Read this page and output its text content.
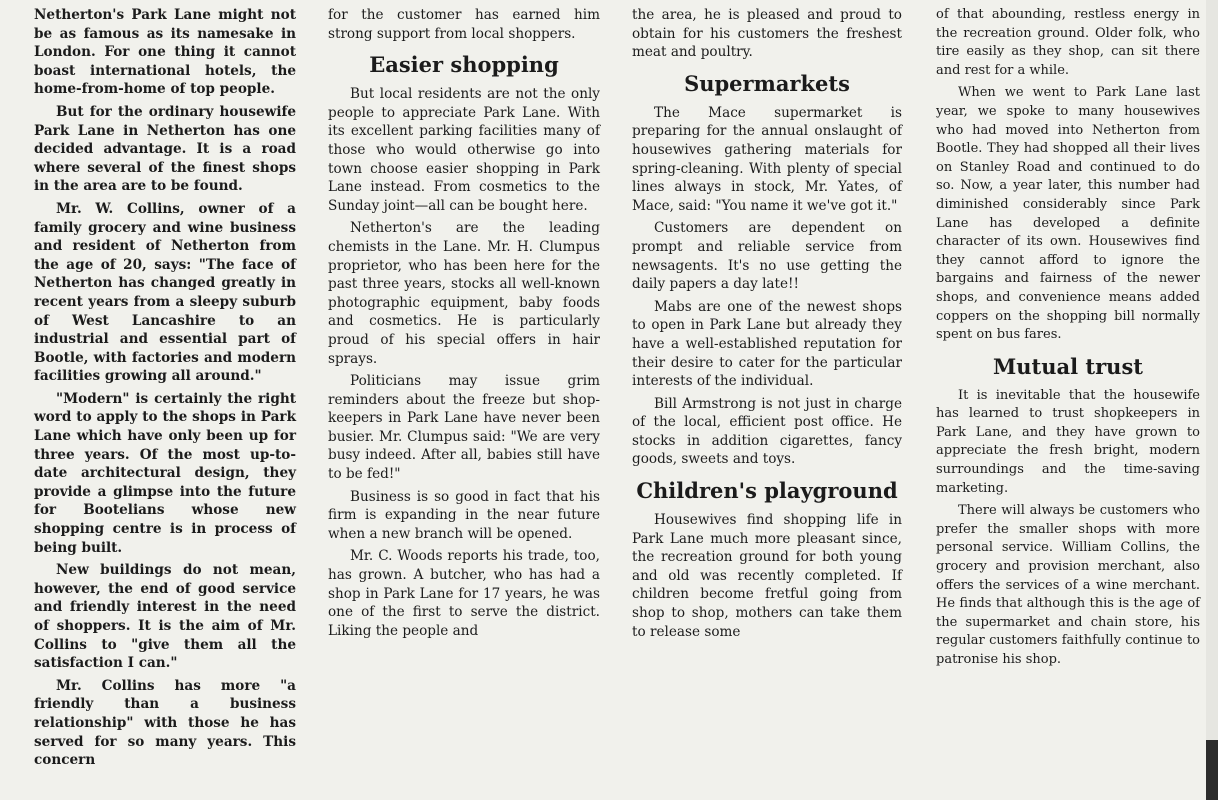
Netherton's Park Lane might not be as famous as its namesake in London. For one thing it cannot boast international hotels, the home-from-home of top people.

But for the ordinary housewife Park Lane in Netherton has one decided advantage. It is a road where several of the finest shops in the area are to be found.

Mr. W. Collins, owner of a family grocery and wine business and resident of Netherton from the age of 20, says: "The face of Netherton has changed greatly in recent years from a sleepy suburb of West Lancashire to an industrial and essential part of Bootle, with factories and modern facilities growing all around."

"Modern" is certainly the right word to apply to the shops in Park Lane which have only been up for three years. Of the most up-to-date architectural design, they provide a glimpse into the future for Bootelians whose new shopping centre is in process of being built.

New buildings do not mean, however, the end of good service and friendly interest in the need of shoppers. It is the aim of Mr. Collins to "give them all the satisfaction I can."

Mr. Collins has more "a friendly than a business relationship" with those he has served for so many years. This concern

for the customer has earned him strong support from local shoppers.

Easier shopping

But local residents are not the only people to appreciate Park Lane. With its excellent parking facilities many of those who would otherwise go into town choose easier shopping in Park Lane instead. From cosmetics to the Sunday joint—all can be bought here.

Netherton's are the leading chemists in the Lane. Mr. H. Clumpus proprietor, who has been here for the past three years, stocks all well-known photographic equipment, baby foods and cosmetics. He is particularly proud of his special offers in hair sprays.

Politicians may issue grim reminders about the freeze but shop-keepers in Park Lane have never been busier. Mr. Clumpus said: "We are very busy indeed. After all, babies still have to be fed!"

Business is so good in fact that his firm is expanding in the near future when a new branch will be opened.

Mr. C. Woods reports his trade, too, has grown. A butcher, who has had a shop in Park Lane for 17 years, he was one of the first to serve the district. Liking the people and

the area, he is pleased and proud to obtain for his customers the freshest meat and poultry.

Supermarkets

The Mace supermarket is preparing for the annual onslaught of housewives gathering materials for spring-cleaning. With plenty of special lines always in stock, Mr. Yates, of Mace, said: "You name it we've got it."

Customers are dependent on prompt and reliable service from newsagents. It's no use getting the daily papers a day late!!

Mabs are one of the newest shops to open in Park Lane but already they have a well-established reputation for their desire to cater for the particular interests of the individual.

Bill Armstrong is not just in charge of the local, efficient post office. He stocks in addition cigarettes, fancy goods, sweets and toys.

Children's playground

Housewives find shopping life in Park Lane much more pleasant since, the recreation ground for both young and old was recently completed. If children become fretful going from shop to shop, mothers can take them to release some

of that abounding, restless energy in the recreation ground. Older folk, who tire easily as they shop, can sit there and rest for a while.

When we went to Park Lane last year, we spoke to many housewives who had moved into Netherton from Bootle. They had shopped all their lives on Stanley Road and continued to do so. Now, a year later, this number had diminished considerably since Park Lane has developed a definite character of its own. Housewives find they cannot afford to ignore the bargains and fairness of the newer shops, and convenience means added coppers on the shopping bill normally spent on bus fares.

Mutual trust

It is inevitable that the housewife has learned to trust shopkeepers in Park Lane, and they have grown to appreciate the fresh bright, modern surroundings and the time-saving marketing.

There will always be customers who prefer the smaller shops with more personal service. William Collins, the grocery and provision merchant, also offers the services of a wine merchant. He finds that although this is the age of the supermarket and chain store, his regular customers faithfully continue to patronise his shop.
